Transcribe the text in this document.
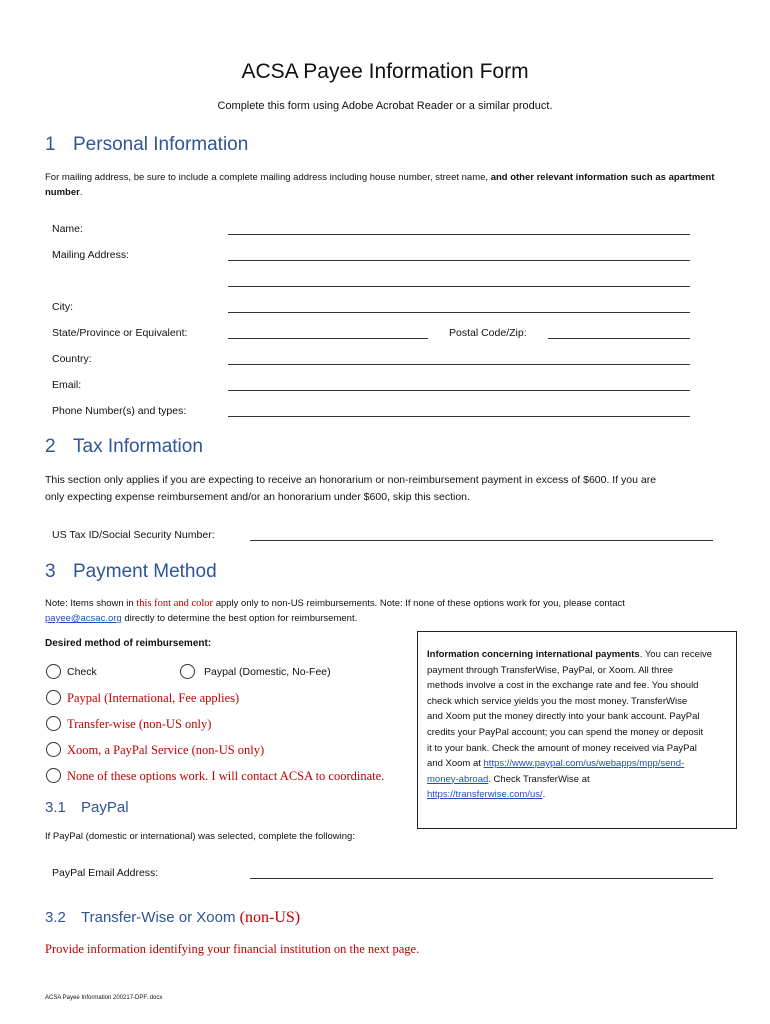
ACSA Payee Information Form
Complete this form using Adobe Acrobat Reader or a similar product.
1 Personal Information
For mailing address, be sure to include a complete mailing address including house number, street name, and other relevant information such as apartment number.
Name:
Mailing Address:
City:
State/Province or Equivalent:	Postal Code/Zip:
Country:
Email:
Phone Number(s) and types:
2 Tax Information
This section only applies if you are expecting to receive an honorarium or non-reimbursement payment in excess of $600. If you are
only expecting expense reimbursement and/or an honorarium under $600, skip this section.
US Tax ID/Social Security Number:
3 Payment Method
Note: Items shown in this font and color apply only to non-US reimbursements. Note: If none of these options work for you, please contact
payee@acsac.org directly to determine the best option for reimbursement.
Desired method of reimbursement:
Check	Paypal (Domestic, No-Fee)
Paypal (International, Fee applies)
Transfer-wise (non-US only)
Xoom, a PayPal Service (non-US only)
None of these options work. I will contact ACSA to coordinate.
Information concerning international payments. You can receive
payment through TransferWise, PayPal, or Xoom. All three
methods involve a cost in the exchange rate and fee. You should
check which service yields you the most money. TransferWise
and Xoom put the money directly into your bank account. PayPal
credits your PayPal account; you can spend the money or deposit
it to your bank. Check the amount of money received via PayPal
and Xoom at https://www.paypal.com/us/webapps/mpp/send-
money-abroad. Check TransferWise at
https://transferwise.com/us/.
3.1 PayPal
If PayPal (domestic or international) was selected, complete the following:
PayPal Email Address:
3.2 Transfer-Wise or Xoom (non-US)
Provide information identifying your financial institution on the next page.
ACSA Payee Information 200217-DPF. docx
